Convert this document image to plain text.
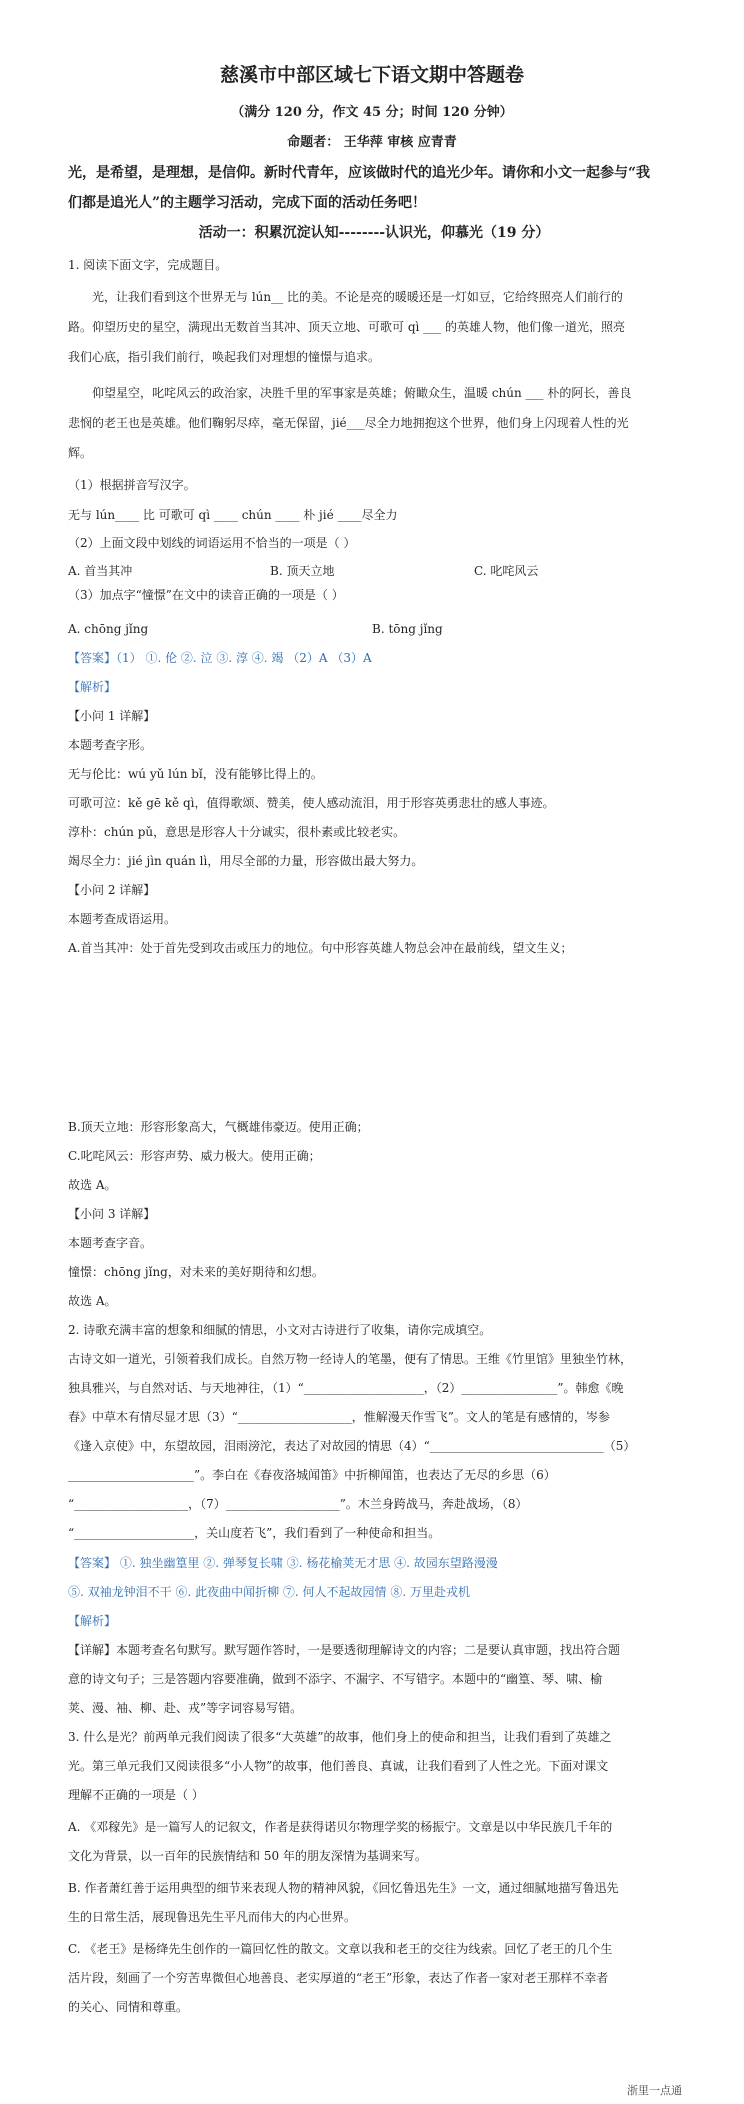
慈溪市中部区域七下语文期中答题卷
（满分 120 分，作文 45 分；时间 120 分钟）
命题者： 王华萍 审核 应青青
光，是希望，是理想，是信仰。新时代青年，应该做时代的追光少年。请你和小文一起参与“我
们都是追光人”的主题学习活动，完成下面的活动任务吧！
活动一：积累沉淀认知--------认识光，仰慕光（19 分）
1. 阅读下面文字，完成题目。
光，让我们看到这个世界无与 lún__ 比的美。不论是亮的暖暖还是一灯如豆，它给终照亮人们前行的
路。仰望历史的星空，满现出无数首当其冲、顶天立地、可歌可 qì ___ 的英雄人物，他们像一道光，照亮
我们心底，指引我们前行，唤起我们对理想的憧憬与追求。
仰望星空，叱咤风云的政治家，决胜千里的军事家是英雄；俯瞰众生，温暖 chún ___ 朴的阿长，善良
悲悯的老王也是英雄。他们鞠躬尽瘁，毫无保留，jié___尽全力地拥抱这个世界，他们身上闪现着人性的光
辉。
（1）根据拼音写汉字。
无与 lún____ 比 可歌可 qì ____ chún ____ 朴 jié ____尽全力
（2）上面文段中划线的词语运用不恰当的一项是（ ）
A. 首当其冲	B. 顶天立地	C. 叱咤风云
（3）加点字“憧憬”在文中的读音正确的一项是（ ）
A. chōng jǐng	B. tōng jǐng
【答案】（1） ①. 伦 ②. 泣 ③. 淳 ④. 竭 （2）A （3）A
【解析】
【小问 1 详解】
本题考查字形。
无与伦比：wú yǔ lún bǐ，没有能够比得上的。
可歌可泣：kě gē kě qì，值得歌颂、赞美，使人感动流泪，用于形容英勇悲壮的感人事迹。
淳朴：chún pǔ，意思是形容人十分诚实，很朴素或比较老实。
竭尽全力：jié jìn quán lì，用尽全部的力量，形容做出最大努力。
【小问 2 详解】
本题考查成语运用。
A.首当其冲：处于首先受到攻击或压力的地位。句中形容英雄人物总会冲在最前线，望文生义；
B.顶天立地：形容形象高大，气概雄伟豪迈。使用正确；
C.叱咤风云：形容声势、威力极大。使用正确；
故选 A。
【小问 3 详解】
本题考查字音。
憧憬：chōng jǐng，对未来的美好期待和幻想。
故选 A。
2. 诗歌充满丰富的想象和细腻的情思，小文对古诗进行了收集，请你完成填空。
古诗文如一道光，引领着我们成长。自然万物一经诗人的笔墨，便有了情思。王维《竹里馆》里独坐竹林，
独具雅兴，与自然对话、与天地神往，（1）“____________________，（2）________________”。韩愈《晚
春》中草木有情尽显才思（3）“___________________，惟解漫天作雪飞”。文人的笔是有感情的，岑参
《逢入京使》中，东望故园，泪雨滂沱，表达了对故园的情思（4）“_____________________________（5）
_____________________”。李白在《春夜洛城闻笛》中折柳闻笛，也表达了无尽的乡思（6）
“___________________，（7）___________________”。木兰身跨战马，奔赴战场，（8）
“____________________，关山度若飞”，我们看到了一种使命和担当。
【答案】 ①. 独坐幽篁里 ②. 弹琴复长啸 ③. 杨花榆荚无才思 ④. 故园东望路漫漫
⑤. 双袖龙钟泪不干 ⑥. 此夜曲中闻折柳 ⑦. 何人不起故园情 ⑧. 万里赴戎机
【解析】
【详解】本题考查名句默写。默写题作答时，一是要透彻理解诗文的内容；二是要认真审题，找出符合题
意的诗文句子；三是答题内容要准确，做到不添字、不漏字、不写错字。本题中的“幽篁、琴、啸、榆
荚、漫、袖、柳、赴、戎”等字词容易写错。
3. 什么是光？前两单元我们阅读了很多“大英雄”的故事，他们身上的使命和担当，让我们看到了英雄之
光。第三单元我们又阅读很多“小人物”的故事，他们善良、真诚，让我们看到了人性之光。下面对课文
理解不正确的一项是（ ）
A. 《邓稼先》是一篇写人的记叙文，作者是获得诺贝尔物理学奖的杨振宁。文章是以中华民族几千年的
文化为背景，以一百年的民族情结和 50 年的朋友深情为基调来写。
B. 作者萧红善于运用典型的细节来表现人物的精神风貌，《回忆鲁迅先生》一文，通过细腻地描写鲁迅先
生的日常生活，展现鲁迅先生平凡而伟大的内心世界。
C. 《老王》是杨绛先生创作的一篇回忆性的散文。文章以我和老王的交往为线索。回忆了老王的几个生
活片段，刻画了一个穷苦卑微但心地善良、老实厚道的“老王”形象，表达了作者一家对老王那样不幸者
的关心、同情和尊重。
浙里一点通
